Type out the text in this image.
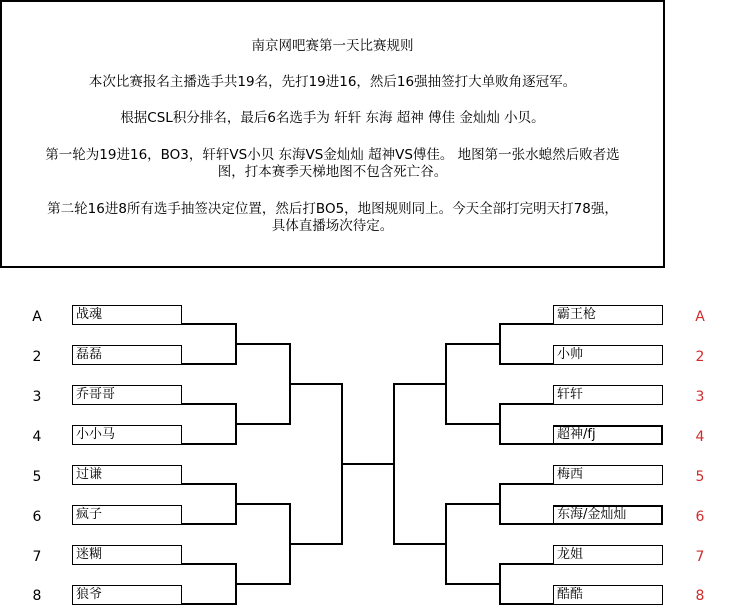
南京网吧赛第一天比赛规则
本次比赛报名主播选手共19名，先打19进16，然后16强抽签打大单败角逐冠军。
根据CSL积分排名，最后6名选手为 轩轩 东海 超神 傅佳 金灿灿 小贝。
第一轮为19进16，BO3，轩轩VS小贝 东海VS金灿灿 超神VS傅佳。 地图第一张水螅然后败者选
图，打本赛季天梯地图不包含死亡谷。
第二轮16进8所有选手抽签决定位置，然后打BO5，地图规则同上。今天全部打完明天打78强，
具体直播场次待定。
A	战魂
2	磊磊
3	乔哥哥
4	小小马
5	过谦
6	疯子
7	迷糊
8	狼爷
霸王枪	A
小帅	2
轩轩	3
超神/fj	4
梅西	5
东海/金灿灿	6
龙姐	7
酷酷	8
